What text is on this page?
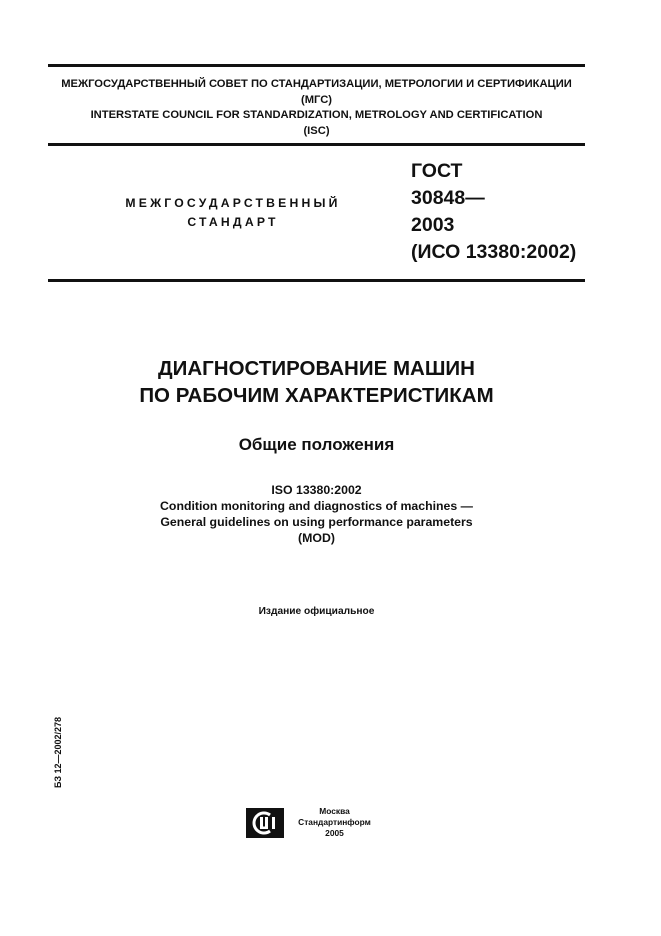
МЕЖГОСУДАРСТВЕННЫЙ СОВЕТ ПО СТАНДАРТИЗАЦИИ, МЕТРОЛОГИИ И СЕРТИФИКАЦИИ
(МГС)
INTERSTATE COUNCIL FOR STANDARDIZATION, METROLOGY AND CERTIFICATION
(ISC)
МЕЖГОСУДАРСТВЕННЫЙ
СТАНДАРТ
ГОСТ
30848—
2003
(ИСО 13380:2002)
ДИАГНОСТИРОВАНИЕ МАШИН
ПО РАБОЧИМ ХАРАКТЕРИСТИКАМ
Общие положения
ISO 13380:2002
Condition monitoring and diagnostics of machines —
General guidelines on using performance parameters
(MOD)
Издание официальное
БЗ 12—2002/278
Москва
Стандартинформ
2005
